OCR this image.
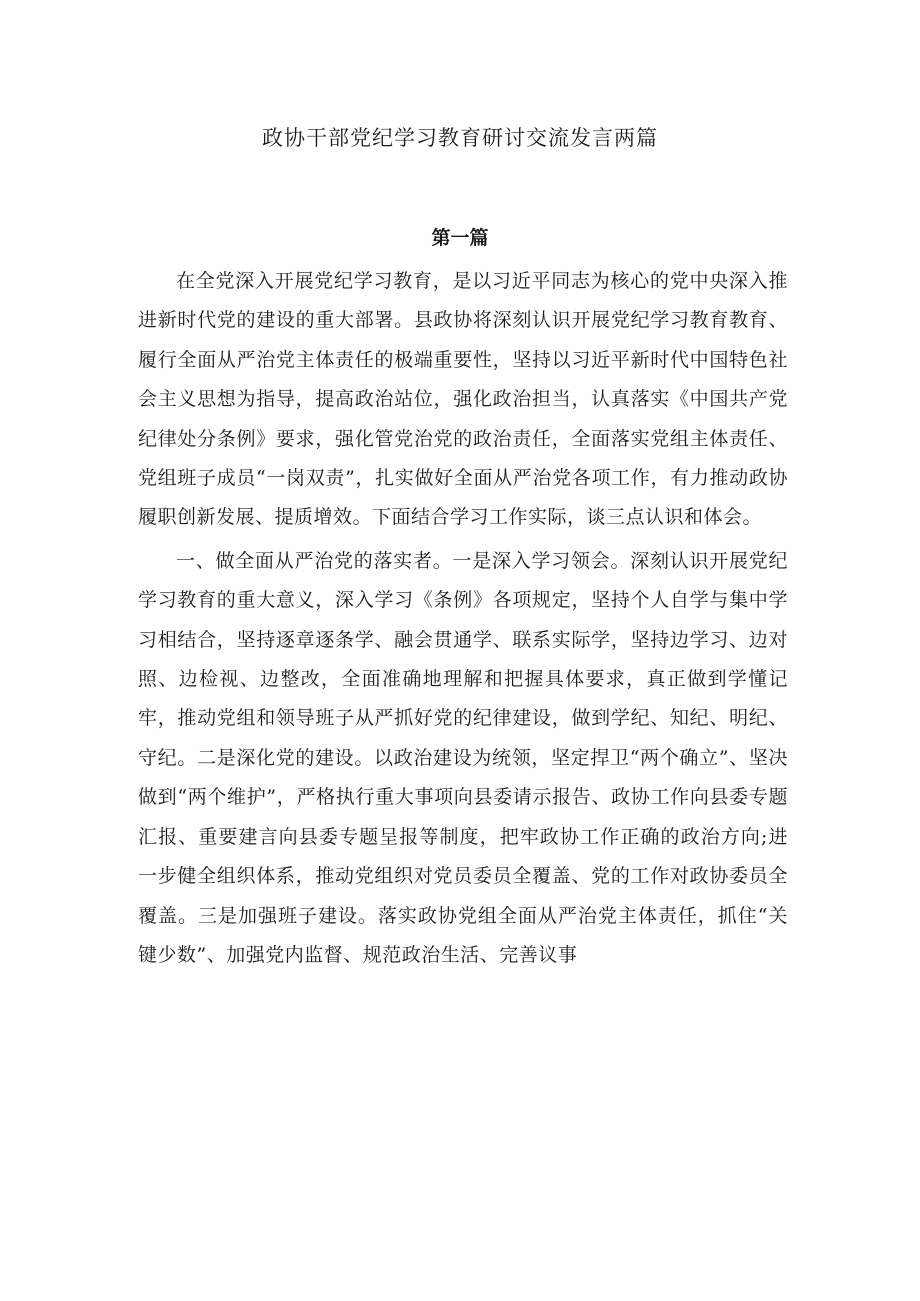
政协干部党纪学习教育研讨交流发言两篇
第一篇

在全党深入开展党纪学习教育，是以习近平同志为核心的党中央深入推进新时代党的建设的重大部署。县政协将深刻认识开展党纪学习教育教育、履行全面从严治党主体责任的极端重要性，坚持以习近平新时代中国特色社会主义思想为指导，提高政治站位，强化政治担当，认真落实《中国共产党纪律处分条例》要求，强化管党治党的政治责任，全面落实党组主体责任、党组班子成员“一岗双责”，扎实做好全面从严治党各项工作，有力推动政协履职创新发展、提质增效。下面结合学习工作实际，谈三点认识和体会。

一、做全面从严治党的落实者。一是深入学习领会。深刻认识开展党纪学习教育的重大意义，深入学习《条例》各项规定，坚持个人自学与集中学习相结合，坚持逐章逐条学、融会贯通学、联系实际学，坚持边学习、边对照、边检视、边整改，全面准确地理解和把握具体要求，真正做到学懂记牢，推动党组和领导班子从严抓好党的纪律建设，做到学纪、知纪、明纪、守纪。二是深化党的建设。以政治建设为统领，坚定捍卫“两个确立”、坚决做到“两个维护”，严格执行重大事项向县委请示报告、政协工作向县委专题汇报、重要建言向县委专题呈报等制度，把牢政协工作正确的政治方向;进一步健全组织体系，推动党组织对党员委员全覆盖、党的工作对政协委员全覆盖。三是加强班子建设。落实政协党组全面从严治党主体责任，抓住“关键少数”、加强党内监督、规范政治生活、完善议事
